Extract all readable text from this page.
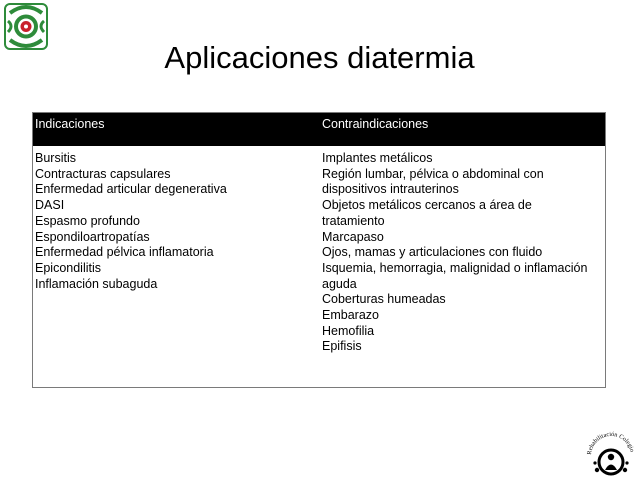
Aplicaciones diatermia
Indicaciones	Contraindicaciones
Bursitis
Contracturas capsulares
Enfermedad articular degenerativa
DASI
Espasmo profundo
Espondiloartropatías
Enfermedad pélvica inflamatoria
Epicondilitis
Inflamación subaguda
Implantes metálicos
Región lumbar, pélvica o abdominal con
dispositivos intrauterinos
Objetos metálicos cercanos a área de
tratamiento
Marcapaso
Ojos, mamas y articulaciones con fluido
Isquemia, hemorragia, malignidad o inflamación
aguda
Coberturas humeadas
Embarazo
Hemofilia
Epifisis
Rehabilitación Colegio
